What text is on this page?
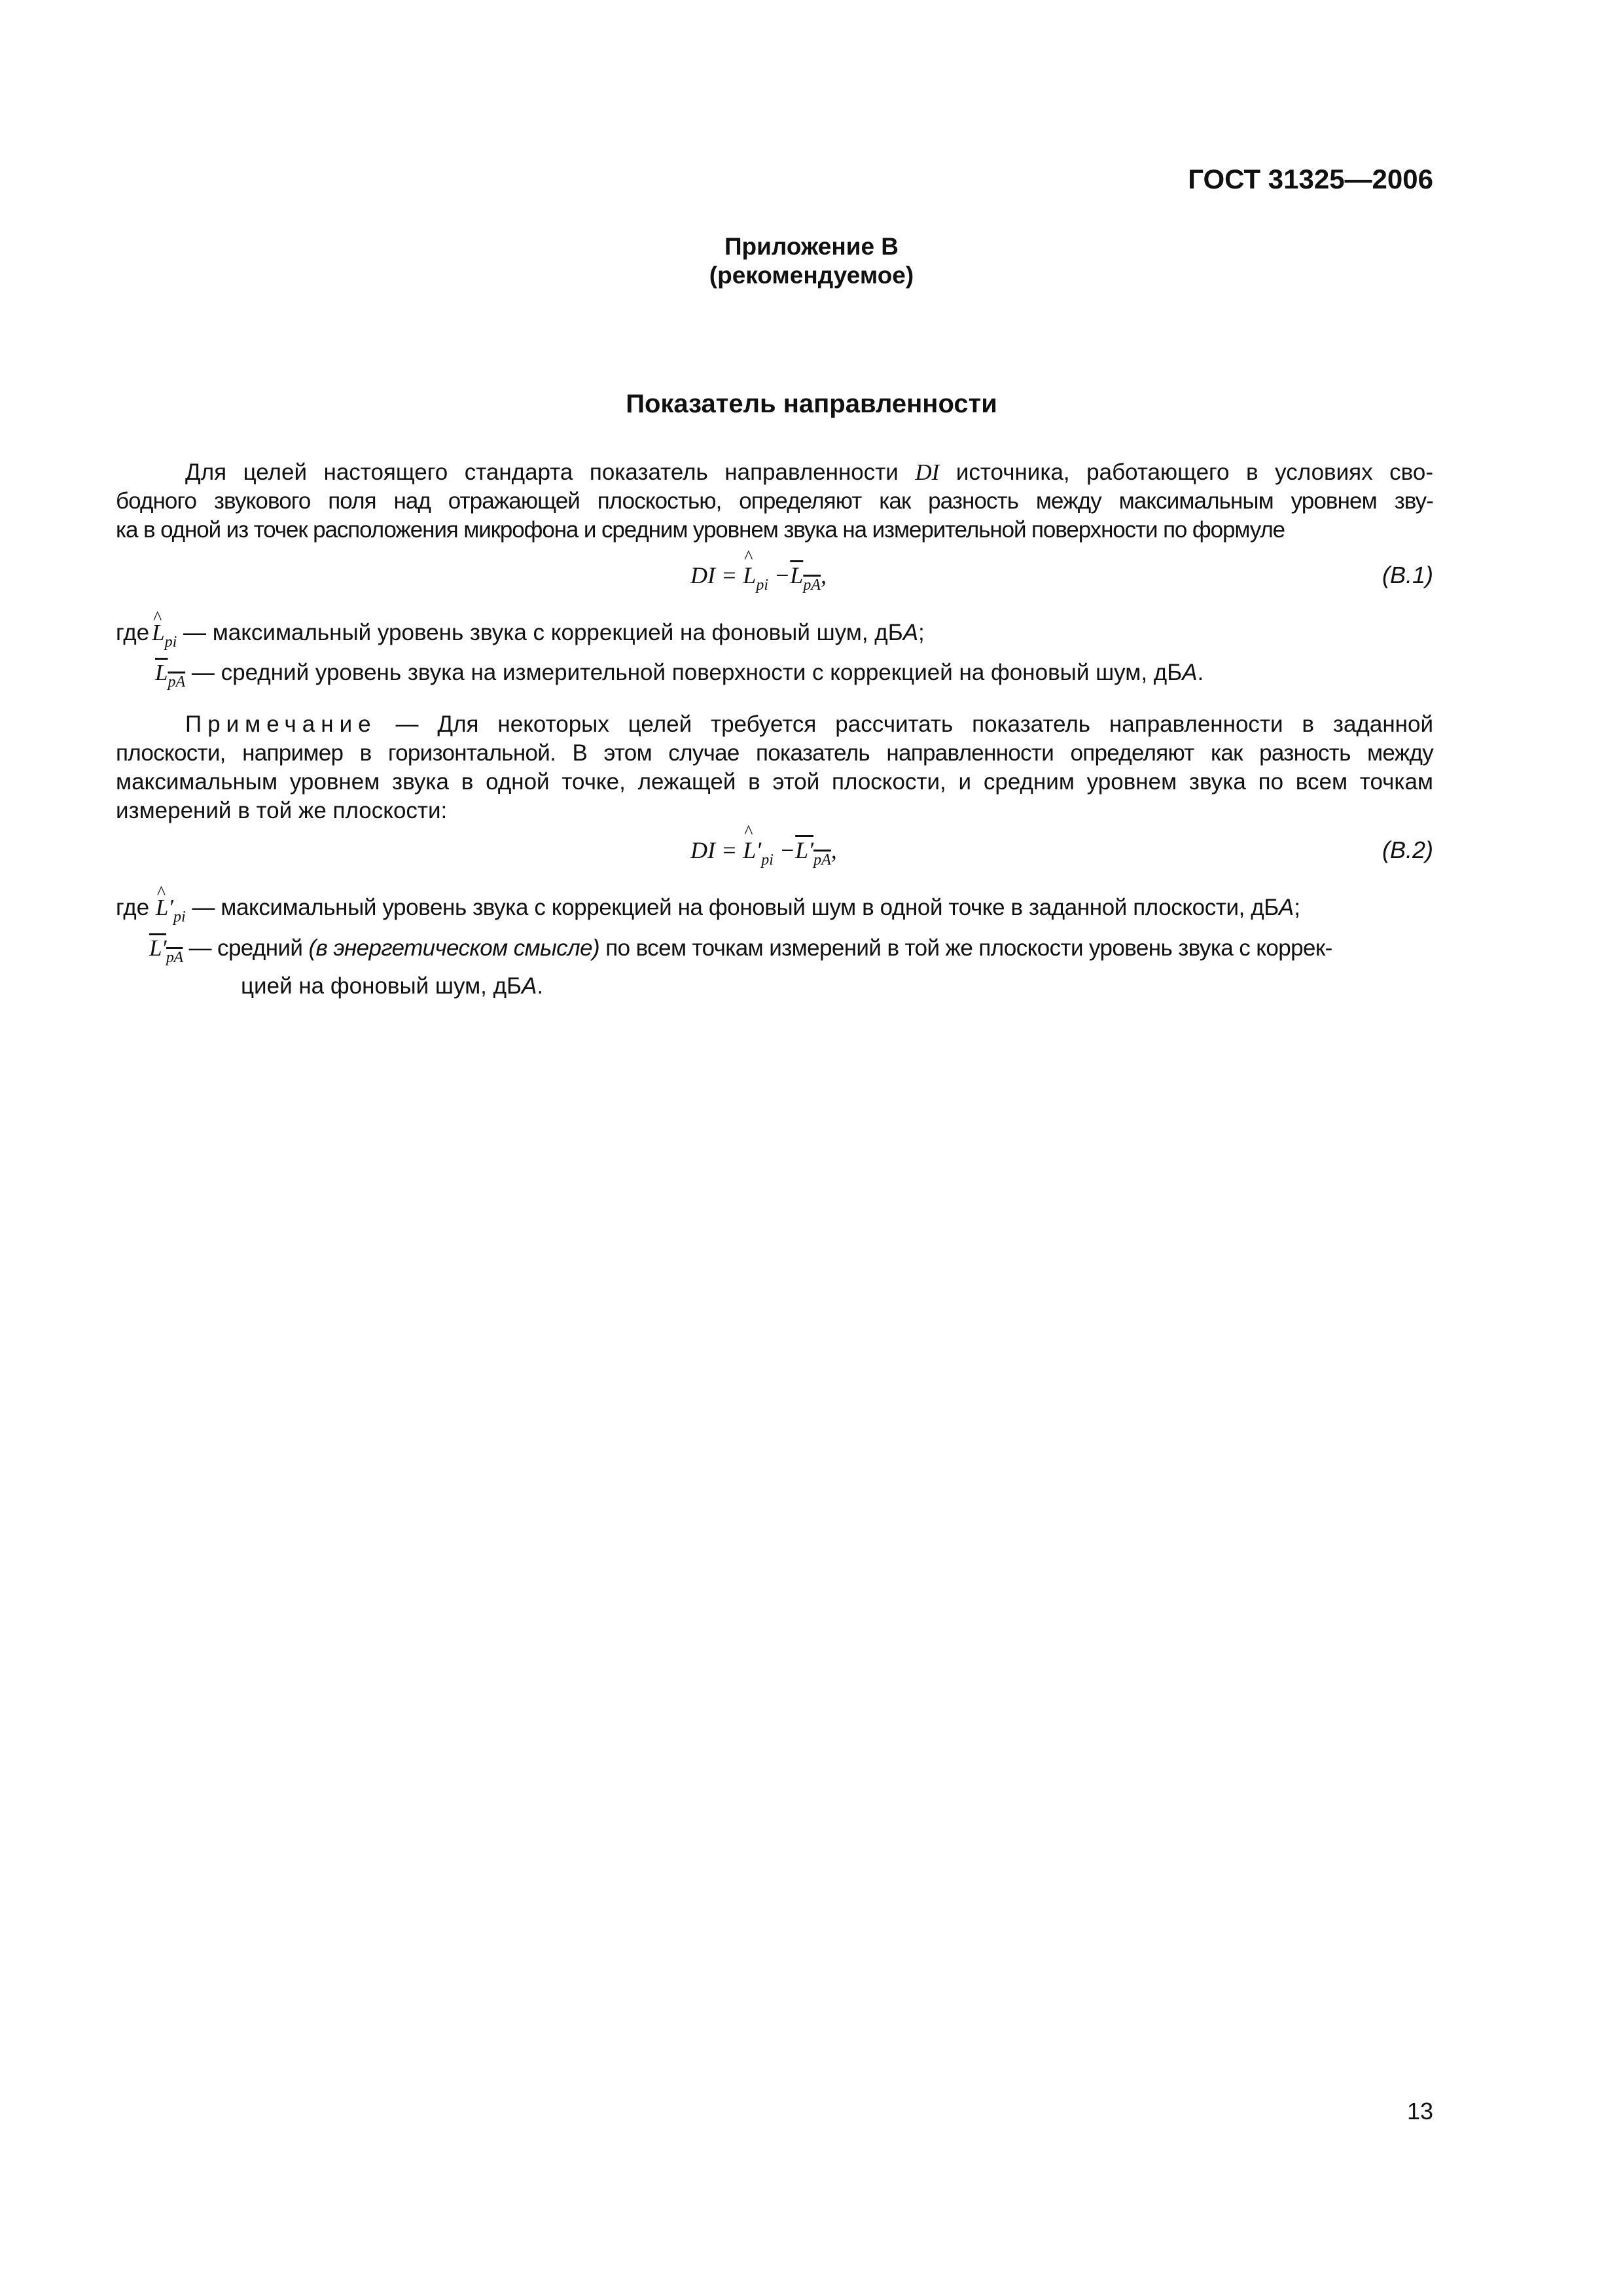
ГОСТ 31325—2006
Приложение В
(рекомендуемое)
Показатель направленности
Для целей настоящего стандарта показатель направленности DI источника, работающего в условиях сво-
бодного звукового поля над отражающей плоскостью, определяют как разность между максимальным уровнем зву-
ка в одной из точек расположения микрофона и средним уровнем звука на измерительной поверхности по формуле
DI = ^ $L_{pi} -L_{pA}$,	(В.1)
где ^ $L_{pi}$ — максимальный уровень звука с коррекцией на фоновый шум, дБA;
$L_{pA}$ — средний уровень звука на измерительной поверхности с коррекцией на фоновый шум, дБA.
Примечание — Для некоторых целей требуется рассчитать показатель направленности в заданной
плоскости, например в горизонтальной. В этом случае показатель направленности определяют как разность между
максимальным уровнем звука в одной точке, лежащей в этой плоскости, и средним уровнем звука по всем точкам
измерений в той же плоскости:
DI = ^ $L'_{pi} -L'_{pA}$,	(В.2)
где ^ $L'_{pi}$ — максимальный уровень звука с коррекцией на фоновый шум в одной точке в заданной плоскости, дБA;
$L'_{pA}$ — средний (в энергетическом смысле) по всем точкам измерений в той же плоскости уровень звука с коррек-
цией на фоновый шум, дБA.
13
